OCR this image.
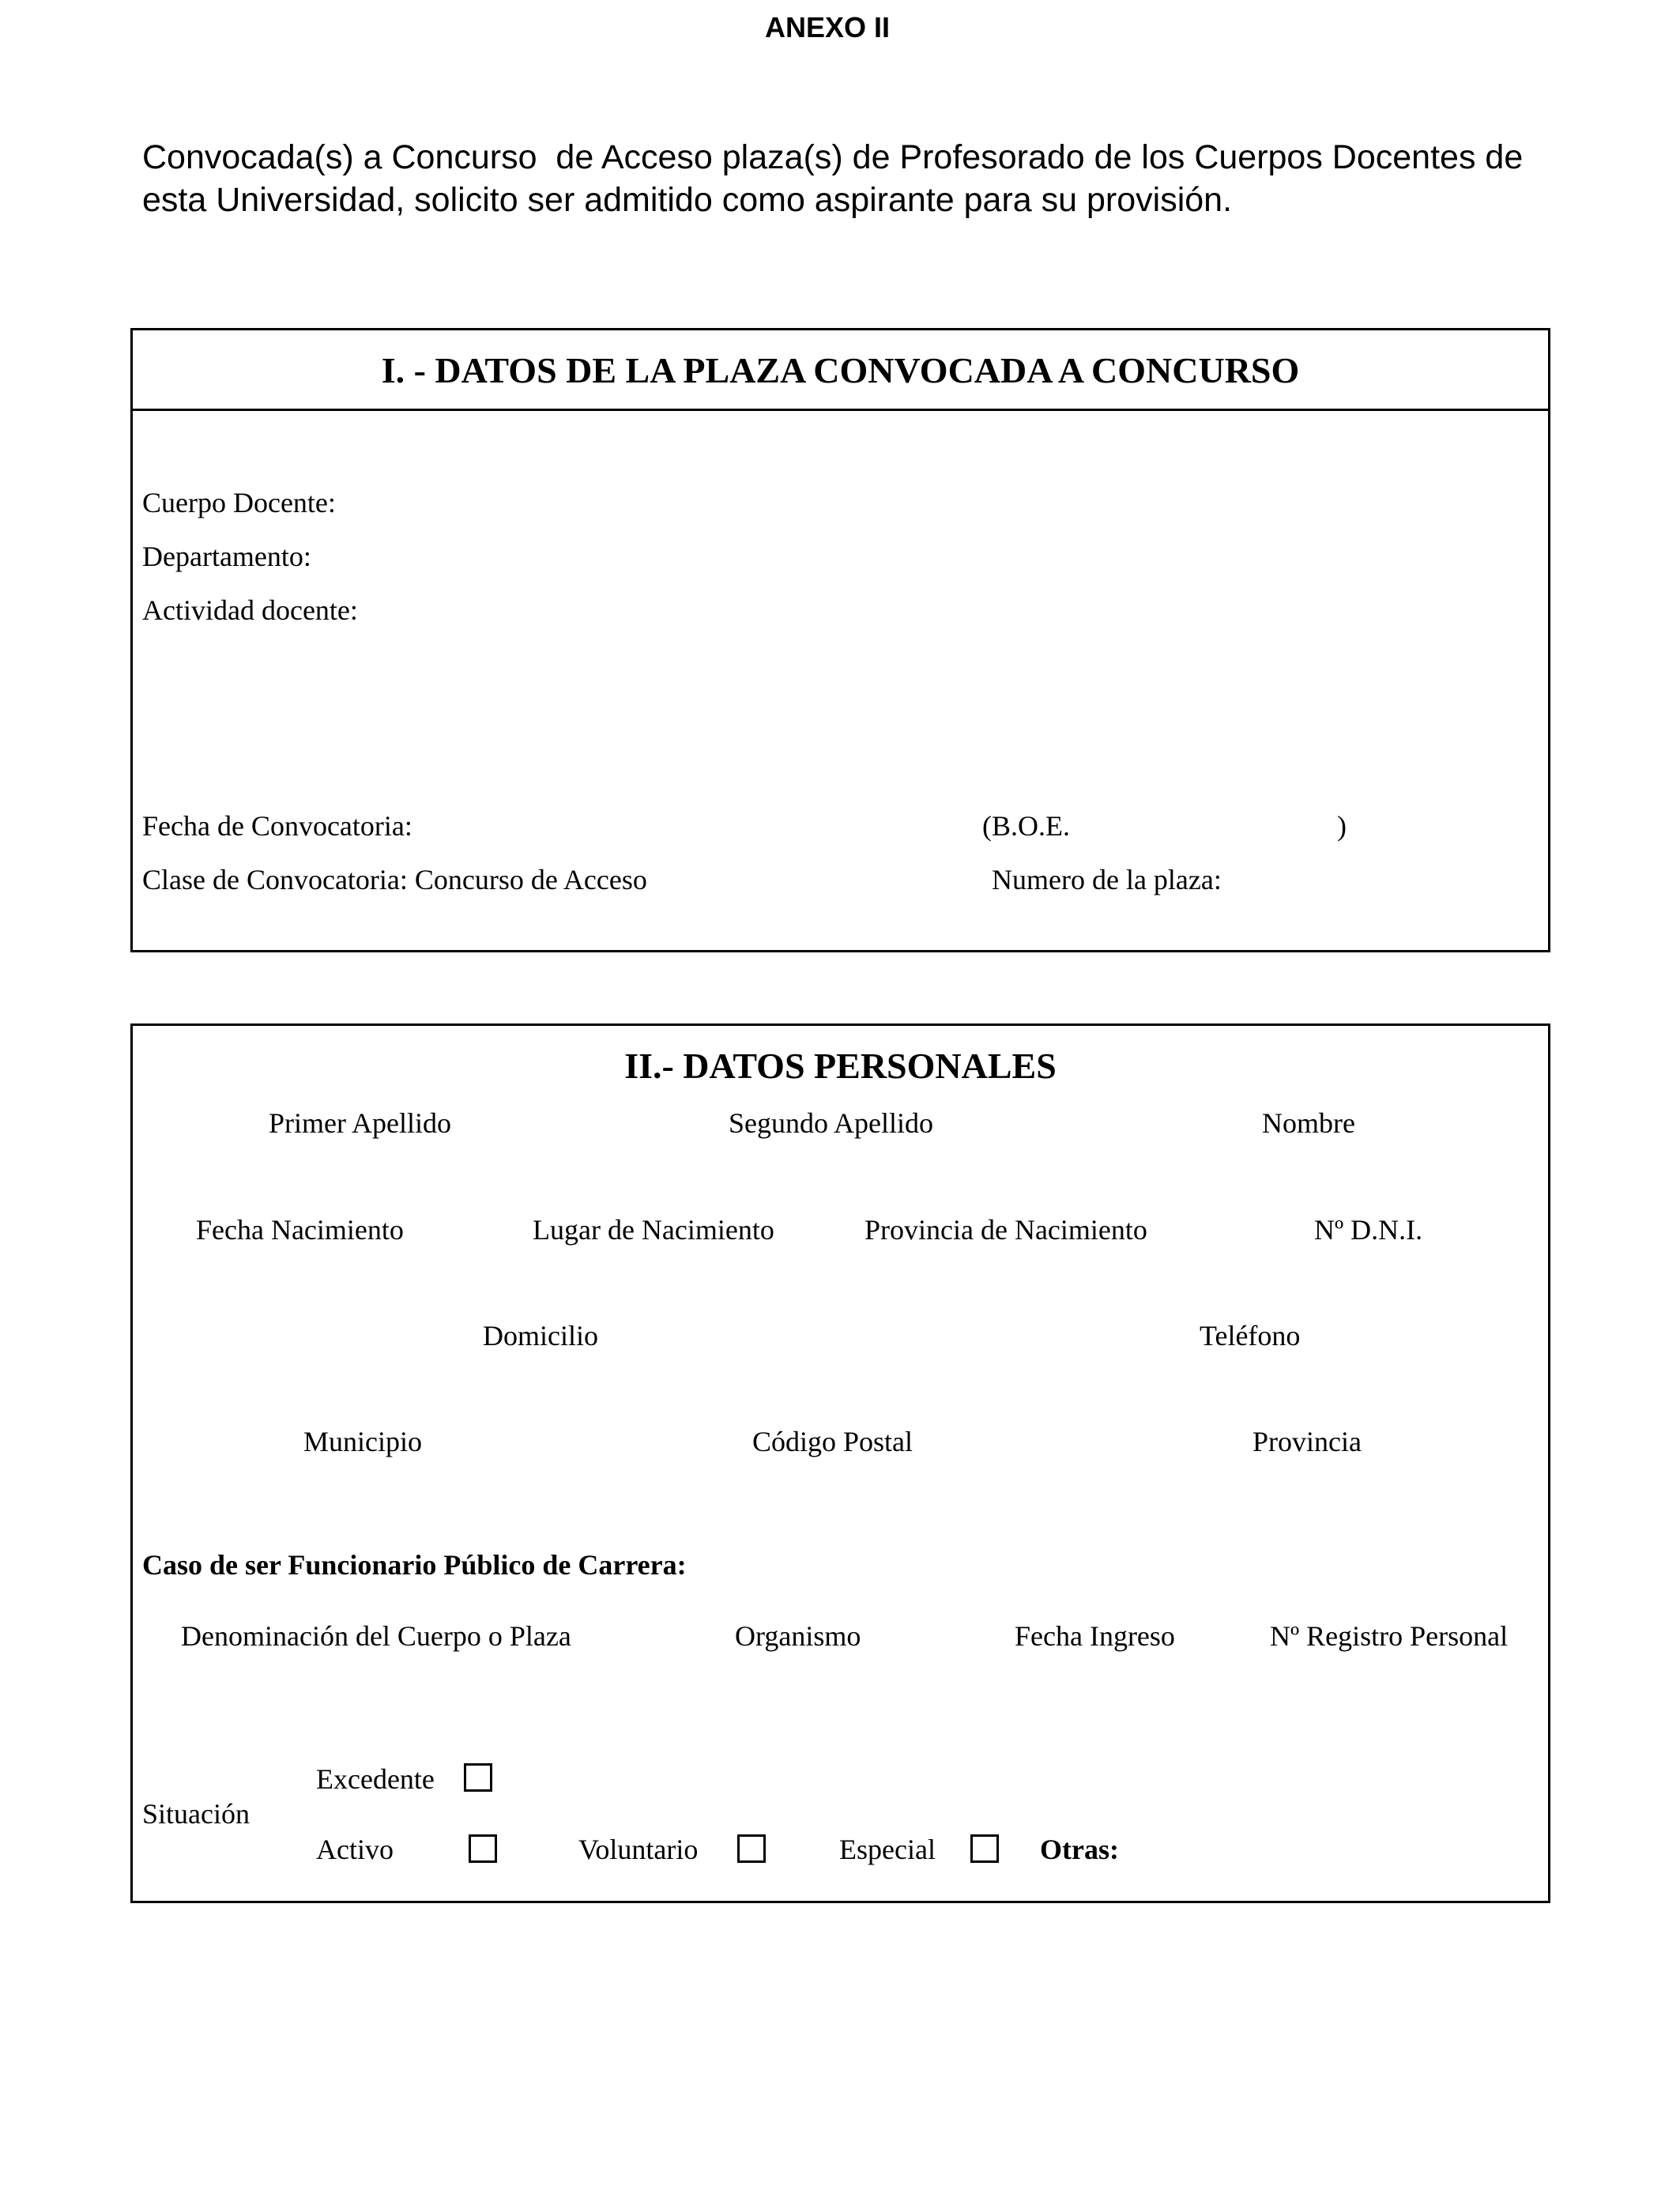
ANEXO II
Convocada(s) a Concurso  de Acceso plaza(s) de Profesorado de los Cuerpos Docentes de
esta Universidad, solicito ser admitido como aspirante para su provisión.
I. - DATOS DE LA PLAZA CONVOCADA A CONCURSO
Cuerpo Docente:
Departamento:
Actividad docente:
Fecha de Convocatoria:	(B.O.E.	)
Clase de Convocatoria: Concurso de Acceso	Numero de la plaza:
II.- DATOS PERSONALES
Primer Apellido	Segundo Apellido	Nombre
Fecha Nacimiento	Lugar de Nacimiento	Provincia de Nacimiento	Nº D.N.I.
Domicilio	Teléfono
Municipio	Código Postal	Provincia
Caso de ser Funcionario Público de Carrera:
Denominación del Cuerpo o Plaza	Organismo	Fecha Ingreso	Nº Registro Personal
Situación
Excedente
Activo	Voluntario	Especial	Otras:
